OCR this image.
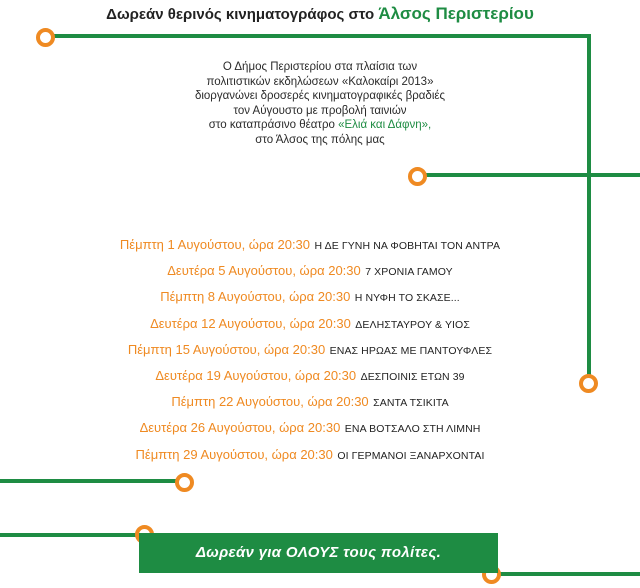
Δωρεάν θερινός κινηματογράφος στο Άλσος Περιστερίου
Ο Δήμος Περιστερίου στα πλαίσια των
πολιτιστικών εκδηλώσεων «Καλοκαίρι 2013»
διοργανώνει δροσερές κινηματογραφικές βραδιές
τον Αύγουστο με προβολή ταινιών
στο καταπράσινο θέατρο «Ελιά και Δάφνη»,
στο Άλσος της πόλης μας
Πέμπτη 1 Αυγούστου, ώρα 20:30 Η ΔΕ ΓΥΝΗ ΝΑ ΦΟΒΗΤΑΙ ΤΟΝ ΑΝΤΡΑ
Δευτέρα 5 Αυγούστου, ώρα 20:30 7 ΧΡΟΝΙΑ ΓΑΜΟΥ
Πέμπτη 8 Αυγούστου, ώρα 20:30 Η ΝΥΦΗ ΤΟ ΣΚΑΣΕ...
Δευτέρα 12 Αυγούστου, ώρα 20:30 ΔΕΛΗΣΤΑΥΡΟΥ & ΥΙΟΣ
Πέμπτη 15 Αυγούστου, ώρα 20:30 ΕΝΑΣ ΗΡΩΑΣ ΜΕ ΠΑΝΤΟΥΦΛΕΣ
Δευτέρα 19 Αυγούστου, ώρα 20:30 ΔΕΣΠΟΙΝΙΣ ΕΤΩΝ 39
Πέμπτη 22 Αυγούστου, ώρα 20:30 ΣΑΝΤΑ ΤΣΙΚΙΤΑ
Δευτέρα 26 Αυγούστου, ώρα 20:30 ΕΝΑ ΒΟΤΣΑΛΟ ΣΤΗ ΛΙΜΝΗ
Πέμπτη 29 Αυγούστου, ώρα 20:30 ΟΙ ΓΕΡΜΑΝΟΙ ΞΑΝΑΡΧΟΝΤΑΙ
Δωρεάν για ΟΛΟΥΣ τους πολίτες.
